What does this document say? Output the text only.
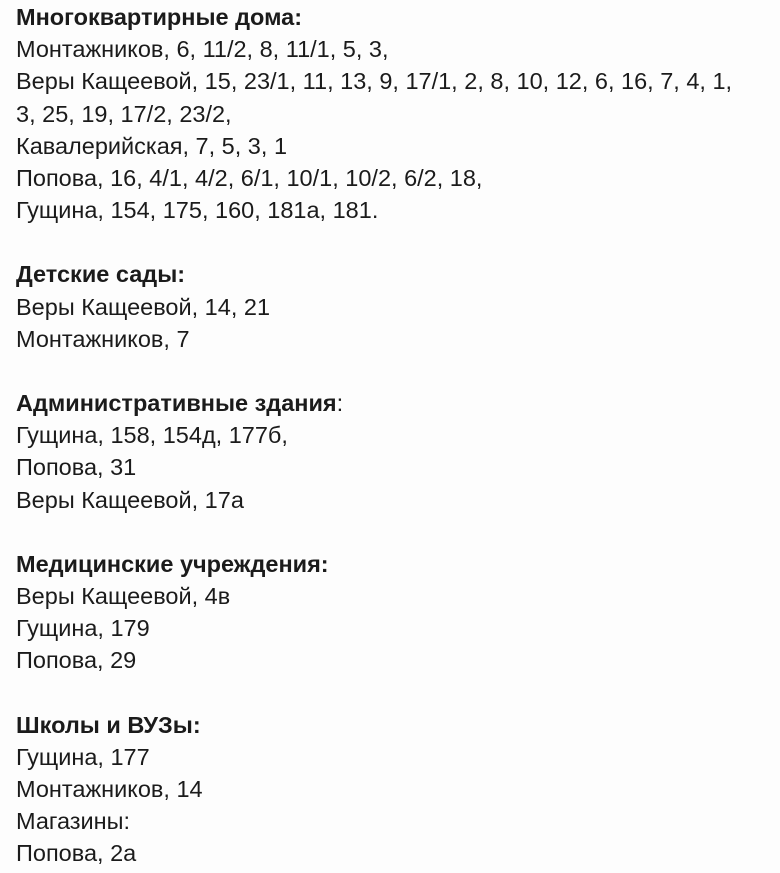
Многоквартирные дома:
Монтажников, 6, 11/2, 8, 11/1, 5, 3,
Веры Кащеевой, 15, 23/1, 11, 13, 9, 17/1, 2, 8, 10, 12, 6, 16, 7, 4, 1,
3, 25, 19, 17/2, 23/2,
Кавалерийская, 7, 5, 3, 1
Попова, 16, 4/1, 4/2, 6/1, 10/1, 10/2, 6/2, 18,
Гущина, 154, 175, 160, 181а, 181.
Детские сады:
Веры Кащеевой, 14, 21
Монтажников, 7
Административные здания:
Гущина, 158, 154д, 177б,
Попова, 31
Веры Кащеевой, 17а
Медицинские учреждения:
Веры Кащеевой, 4в
Гущина, 179
Попова, 29
Школы и ВУЗы:
Гущина, 177
Монтажников, 14
Магазины:
Попова, 2а
